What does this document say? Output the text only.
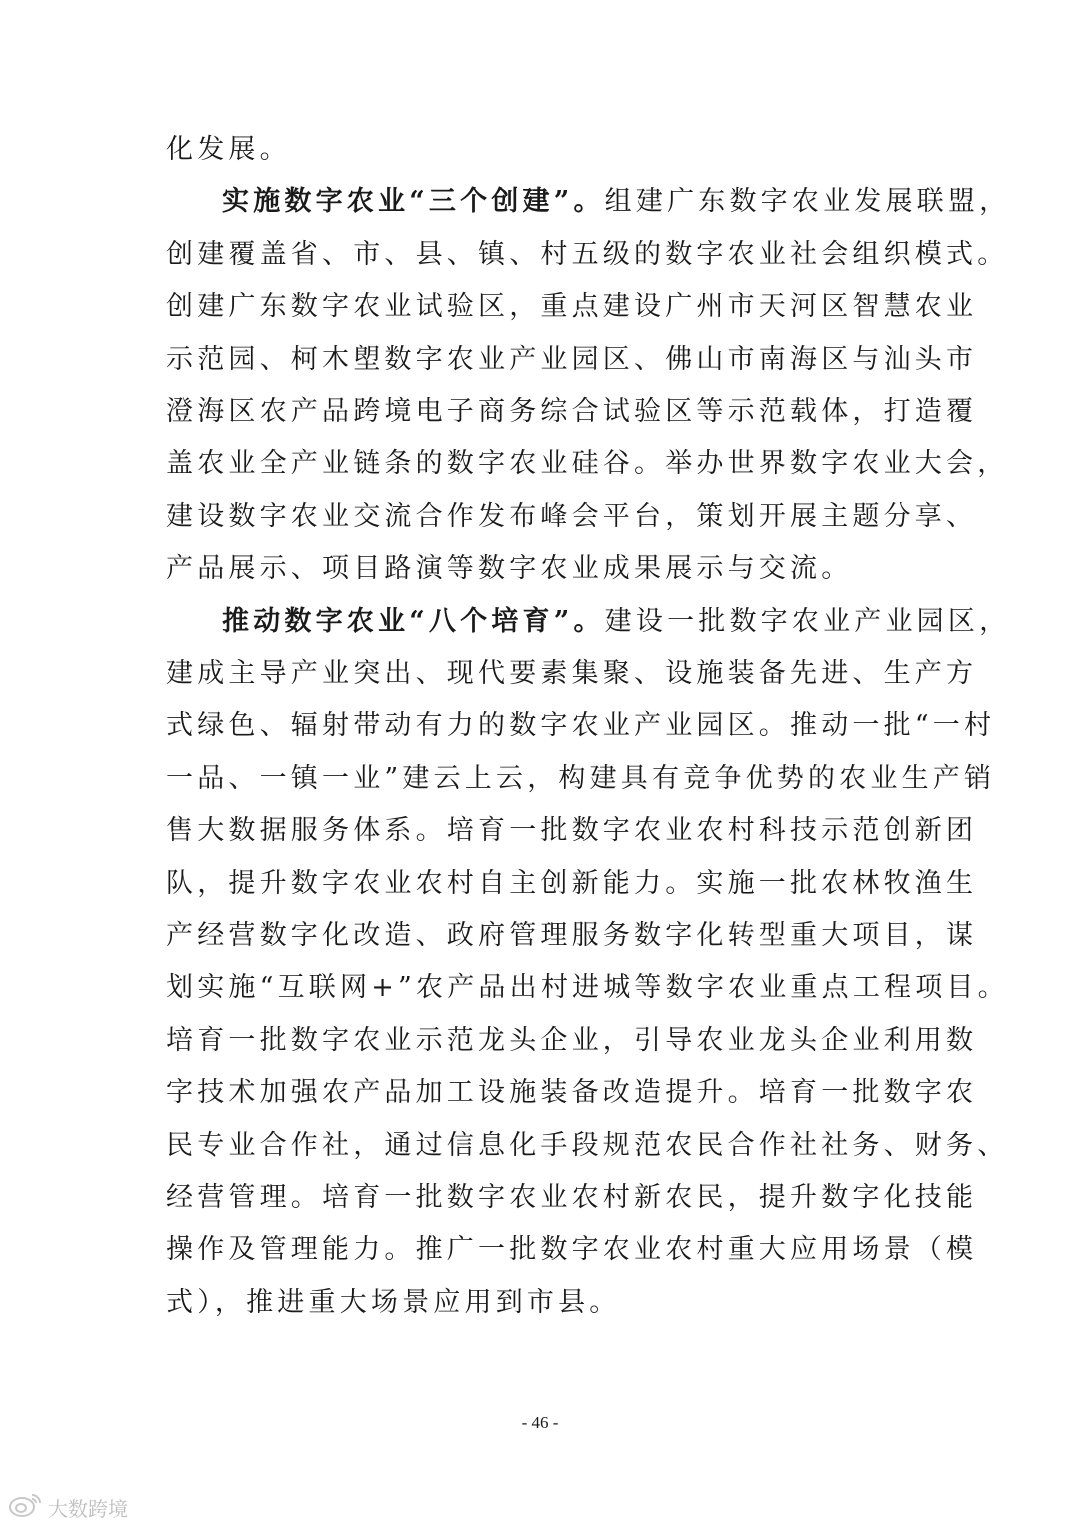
化发展。
实施数字农业“三个创建”。组建广东数字农业发展联盟，
创建覆盖省、市、县、镇、村五级的数字农业社会组织模式。
创建广东数字农业试验区，重点建设广州市天河区智慧农业
示范园、柯木塱数字农业产业园区、佛山市南海区与汕头市
澄海区农产品跨境电子商务综合试验区等示范载体，打造覆
盖农业全产业链条的数字农业硅谷。举办世界数字农业大会，
建设数字农业交流合作发布峰会平台，策划开展主题分享、
产品展示、项目路演等数字农业成果展示与交流。
推动数字农业“八个培育”。建设一批数字农业产业园区，
建成主导产业突出、现代要素集聚、设施装备先进、生产方
式绿色、辐射带动有力的数字农业产业园区。推动一批“一村
一品、一镇一业”建云上云，构建具有竞争优势的农业生产销
售大数据服务体系。培育一批数字农业农村科技示范创新团
队，提升数字农业农村自主创新能力。实施一批农林牧渔生
产经营数字化改造、政府管理服务数字化转型重大项目，谋
划实施“互联网+”农产品出村进城等数字农业重点工程项目。
培育一批数字农业示范龙头企业，引导农业龙头企业利用数
字技术加强农产品加工设施装备改造提升。培育一批数字农
民专业合作社，通过信息化手段规范农民合作社社务、财务、
经营管理。培育一批数字农业农村新农民，提升数字化技能
操作及管理能力。推广一批数字农业农村重大应用场景（模
式），推进重大场景应用到市县。
- 46 -
大数跨境
